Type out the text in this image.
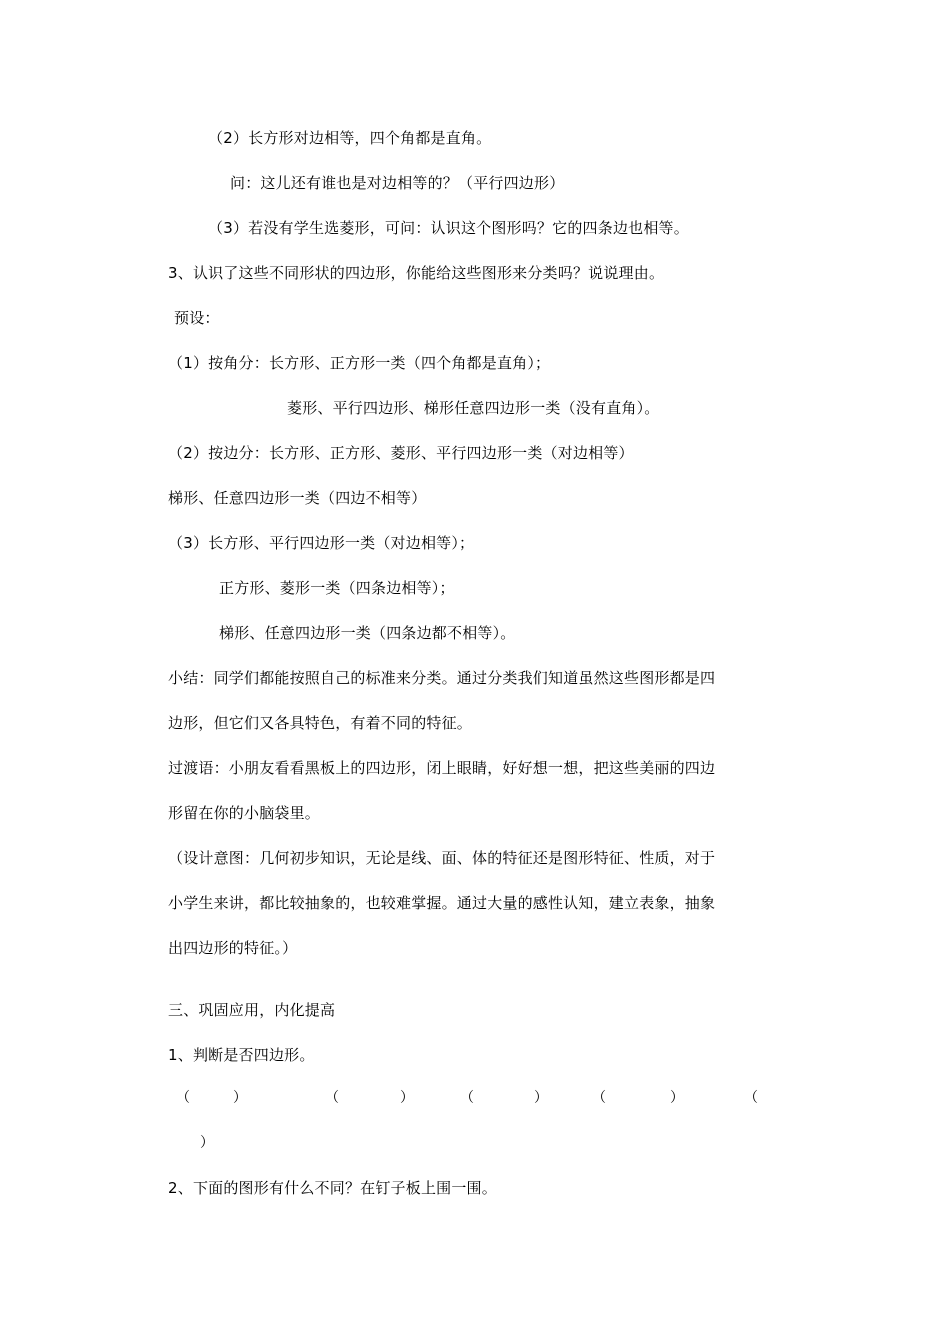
（2）长方形对边相等，四个角都是直角。
问：这儿还有谁也是对边相等的？（平行四边形）
（3）若没有学生选菱形，可问：认识这个图形吗？它的四条边也相等。
3、认识了这些不同形状的四边形，你能给这些图形来分类吗？说说理由。
预设：
（1）按角分：长方形、正方形一类（四个角都是直角）；
菱形、平行四边形、梯形任意四边形一类（没有直角）。
（2）按边分：长方形、正方形、菱形、平行四边形一类（对边相等）
梯形、任意四边形一类（四边不相等）
（3）长方形、平行四边形一类（对边相等）；
正方形、菱形一类（四条边相等）；
梯形、任意四边形一类（四条边都不相等）。
小结：同学们都能按照自己的标准来分类。通过分类我们知道虽然这些图形都是四
边形，但它们又各具特色，有着不同的特征。
过渡语：小朋友看看黑板上的四边形，闭上眼睛，好好想一想，把这些美丽的四边
形留在你的小脑袋里。
（设计意图：几何初步知识，无论是线、面、体的特征还是图形特征、性质，对于
小学生来讲，都比较抽象的，也较难掌握。通过大量的感性认知，建立表象，抽象
出四边形的特征。）
三、巩固应用，内化提高
1、判断是否四边形。
（	）	（	）	（	）	（	）	（
）
2、下面的图形有什么不同？在钉子板上围一围。
